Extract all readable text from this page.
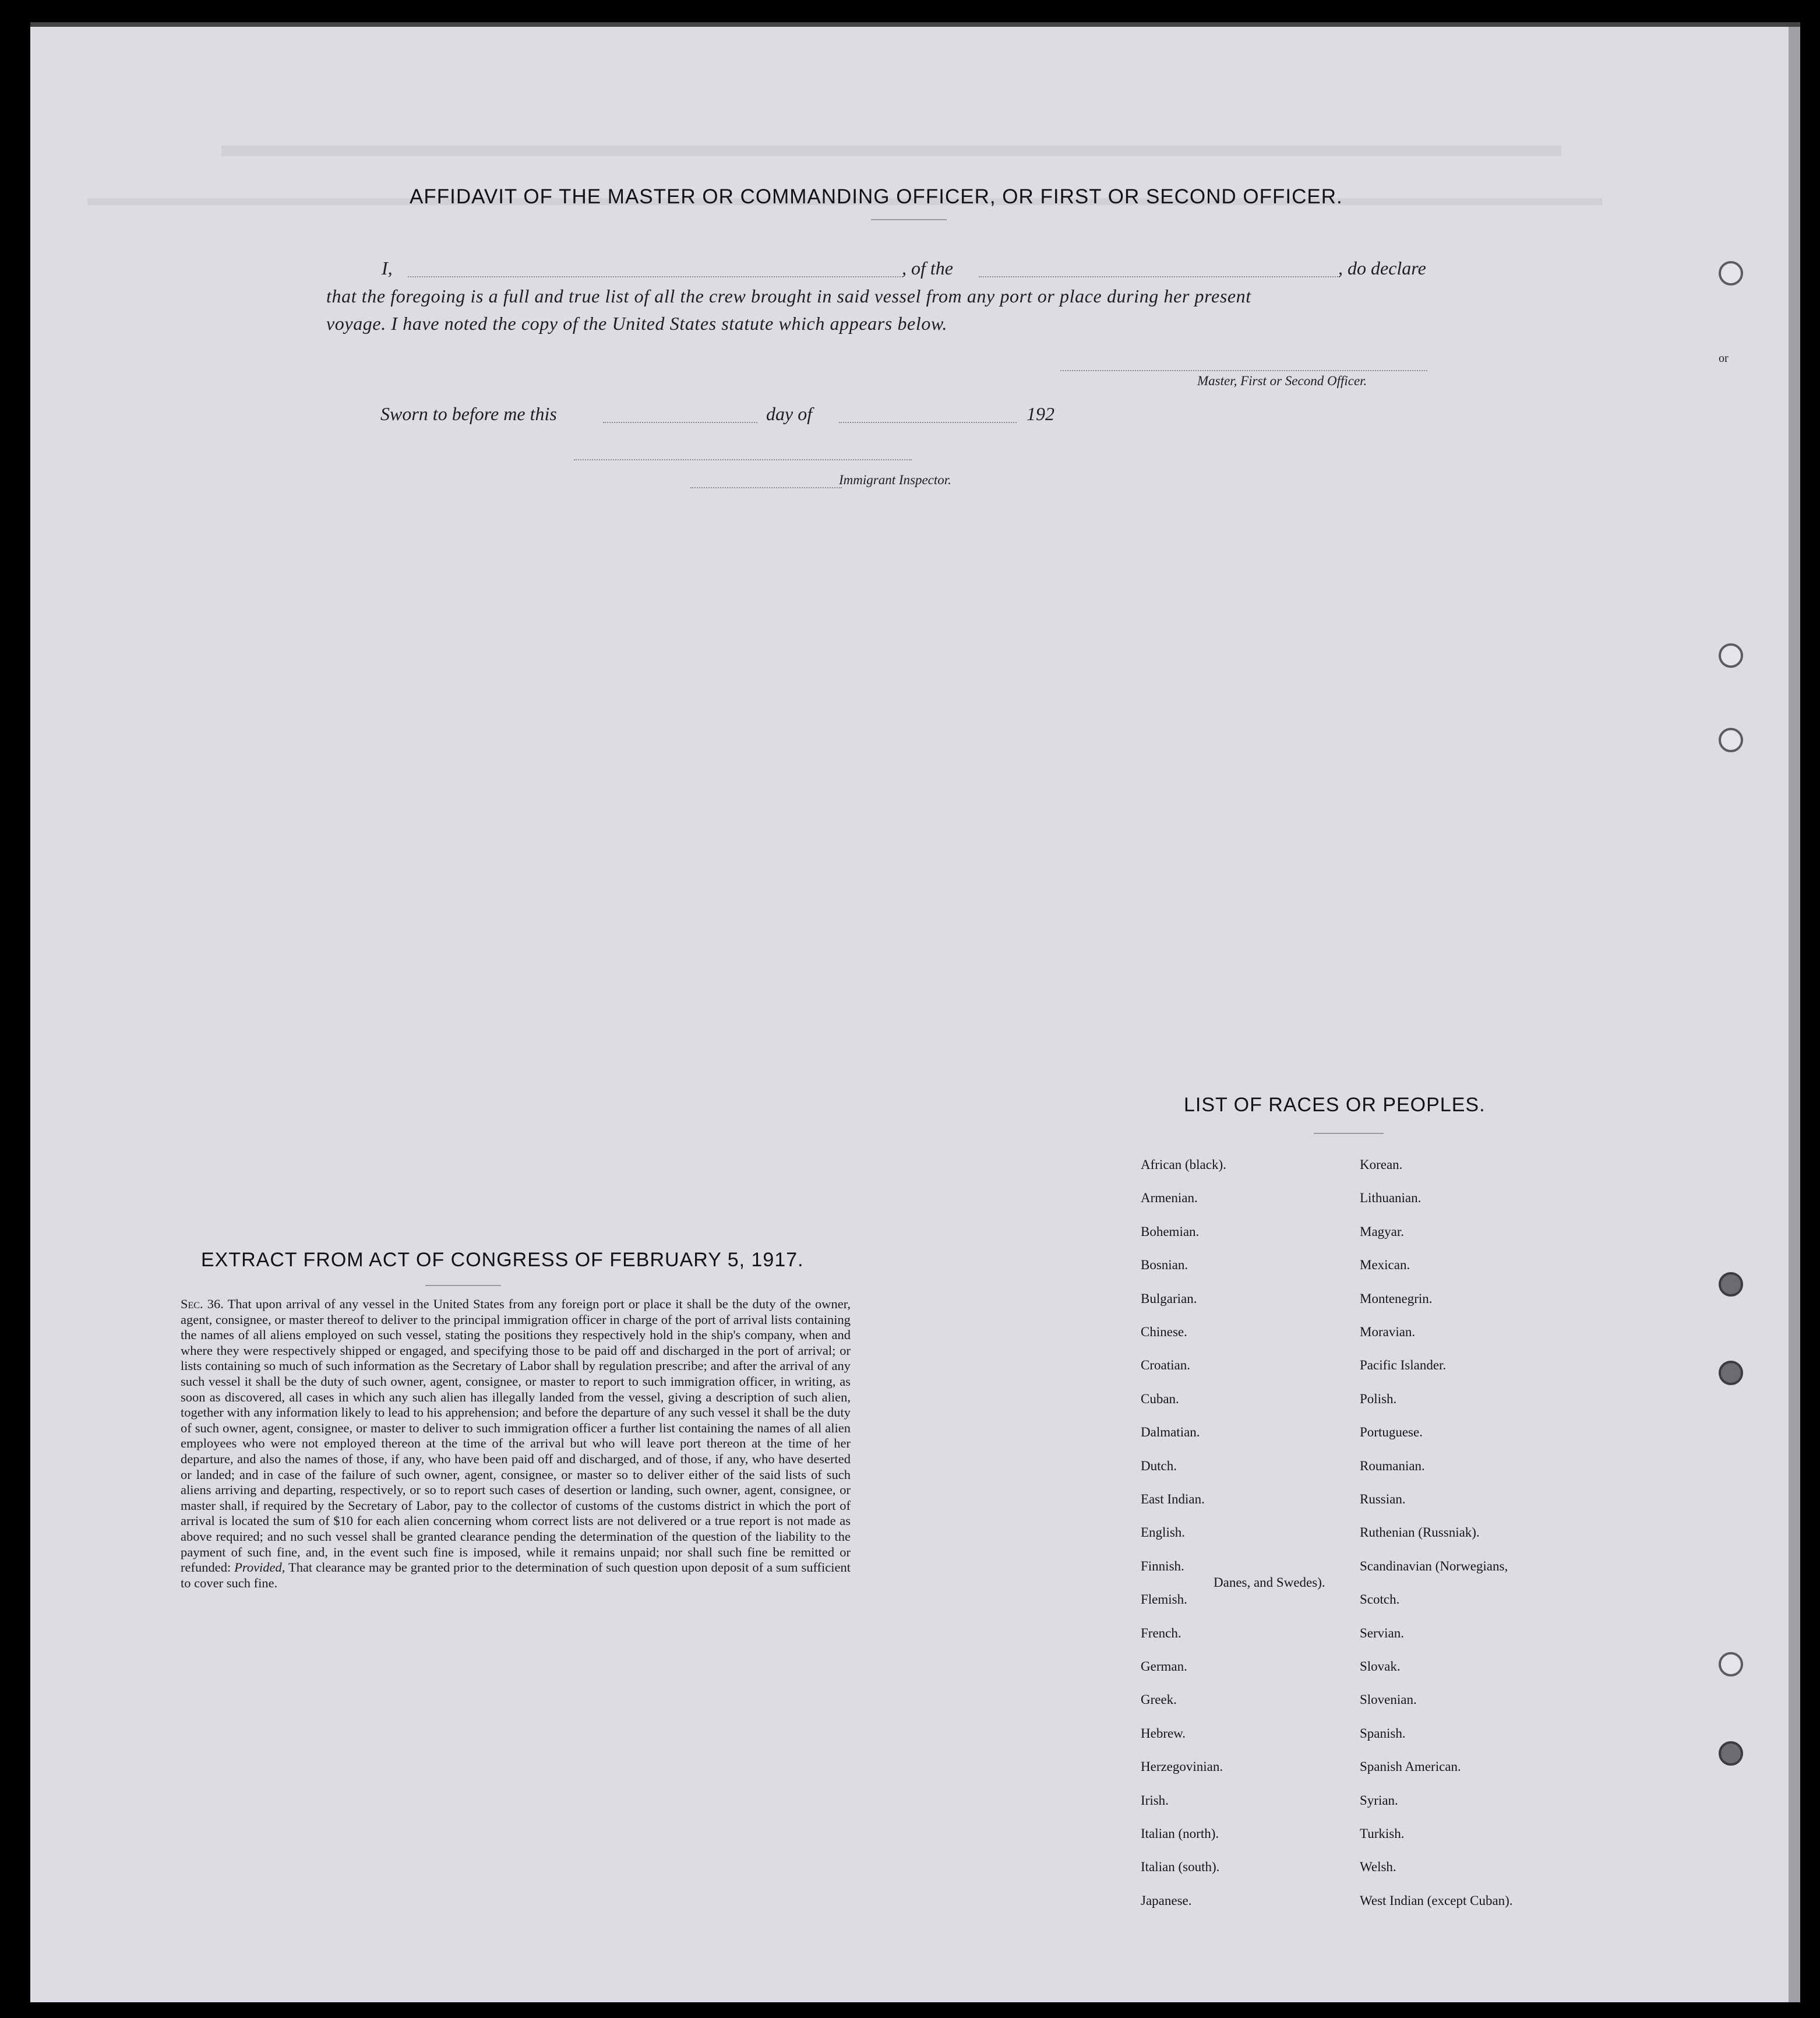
AFFIDAVIT OF THE MASTER OR COMMANDING OFFICER, OR FIRST OR SECOND OFFICER.
I,	, of the	, do declare
that the foregoing is a full and true list of all the crew brought in said vessel from any port or place during her present
voyage. I have noted the copy of the United States statute which appears below.
Master, First or Second Officer.
Sworn to before me this	day of	192
Immigrant Inspector.
EXTRACT FROM ACT OF CONGRESS OF FEBRUARY 5, 1917.
Sec. 36. That upon arrival of any vessel in the United States from any foreign port or place it shall be the duty of the owner, agent, consignee, or master thereof to deliver to the principal immigration officer in charge of the port of arrival lists containing the names of all aliens employed on such vessel, stating the positions they respectively hold in the ship's company, when and where they were respectively shipped or engaged, and specifying those to be paid off and discharged in the port of arrival; or lists containing so much of such information as the Secretary of Labor shall by regulation prescribe; and after the arrival of any such vessel it shall be the duty of such owner, agent, consignee, or master to report to such immigration officer, in writing, as soon as discovered, all cases in which any such alien has illegally landed from the vessel, giving a description of such alien, together with any information likely to lead to his apprehension; and before the departure of any such vessel it shall be the duty of such owner, agent, consignee, or master to deliver to such immigration officer a further list containing the names of all alien employees who were not employed thereon at the time of the arrival but who will leave port thereon at the time of her departure, and also the names of those, if any, who have been paid off and discharged, and of those, if any, who have deserted or landed; and in case of the failure of such owner, agent, consignee, or master so to deliver either of the said lists of such aliens arriving and departing, respectively, or so to report such cases of desertion or landing, such owner, agent, consignee, or master shall, if required by the Secretary of Labor, pay to the collector of customs of the customs district in which the port of arrival is located the sum of $10 for each alien concerning whom correct lists are not delivered or a true report is not made as above required; and no such vessel shall be granted clearance pending the determination of the question of the liability to the payment of such fine, and, in the event such fine is imposed, while it remains unpaid; nor shall such fine be remitted or refunded: Provided, That clearance may be granted prior to the determination of such question upon deposit of a sum sufficient to cover such fine.
LIST OF RACES OR PEOPLES.
or
African (black).
Armenian.
Bohemian.
Bosnian.
Bulgarian.
Chinese.
Croatian.
Cuban.
Dalmatian.
Dutch.
East Indian.
English.
Finnish.
Flemish.
French.
German.
Greek.
Hebrew.
Herzegovinian.
Irish.
Italian (north).
Italian (south).
Japanese.
Korean.
Lithuanian.
Magyar.
Mexican.
Montenegrin.
Moravian.
Pacific Islander.
Polish.
Portuguese.
Roumanian.
Russian.
Ruthenian (Russniak).
Scandinavian (Norwegians,
Danes, and Swedes).
Scotch.
Servian.
Slovak.
Slovenian.
Spanish.
Spanish American.
Syrian.
Turkish.
Welsh.
West Indian (except Cuban).
